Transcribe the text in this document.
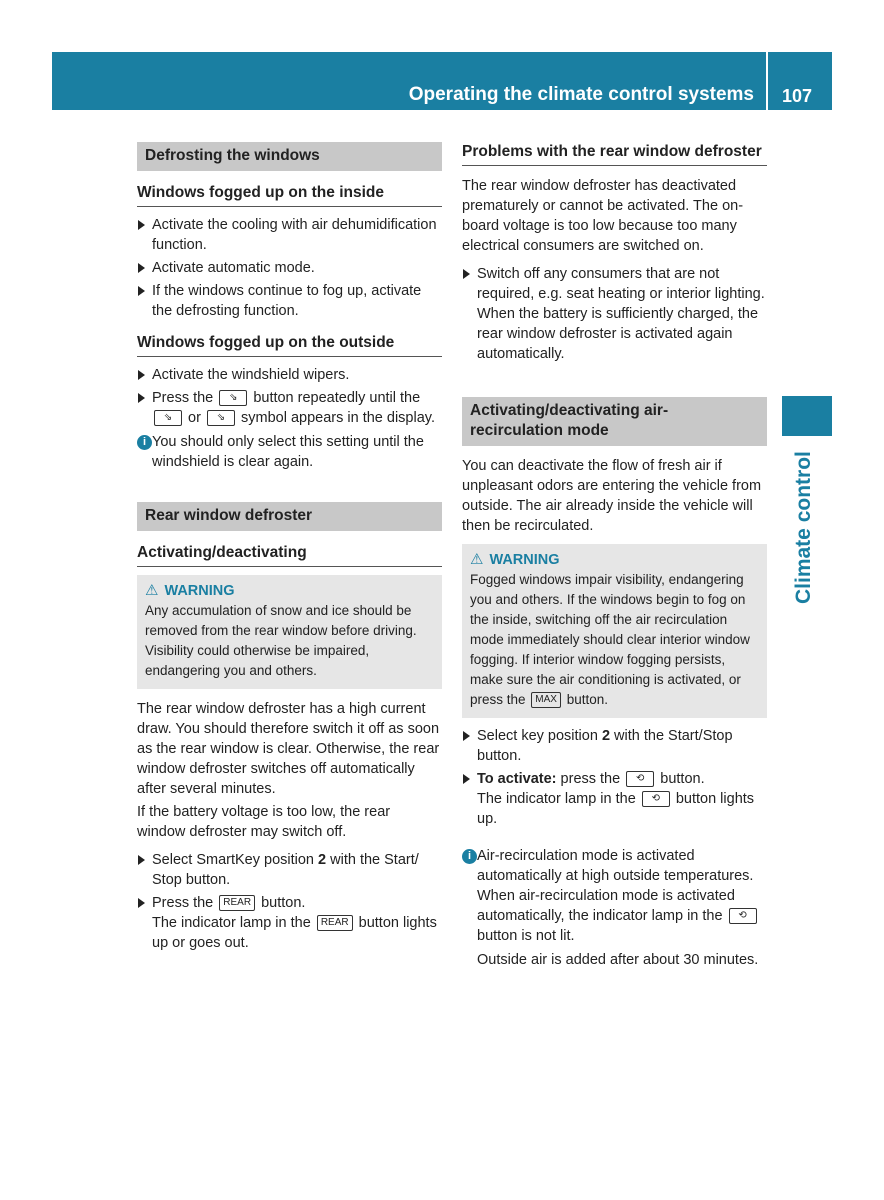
Operating the climate control systems 107
Climate control
Defrosting the windows
Windows fogged up on the inside
Activate the cooling with air dehumidification function.
Activate automatic mode.
If the windows continue to fog up, activate the defrosting function.
Windows fogged up on the outside
Activate the windshield wipers.
Press the ⇘ button repeatedly until the ⇘ or ⇘ symbol appears in the display.
i You should only select this setting until the windshield is clear again.

Rear window defroster
Activating/deactivating
⚠ WARNING

Any accumulation of snow and ice should be removed from the rear window before driving. Visibility could otherwise be impaired, endangering you and others.

The rear window defroster has a high current draw. You should therefore switch it off as soon as the rear window is clear. Otherwise, the rear window defroster switches off automatically after several minutes.

If the battery voltage is too low, the rear window defroster may switch off.

Select SmartKey position 2 with the Start/ Stop button.
Press the REAR button.
The indicator lamp in the REAR button lights up or goes out.
Problems with the rear window defroster

The rear window defroster has deactivated prematurely or cannot be activated. The on-board voltage is too low because too many electrical consumers are switched on.

Switch off any consumers that are not required, e.g. seat heating or interior lighting.
When the battery is sufficiently charged, the rear window defroster is activated again automatically.
Activating/deactivating air-recirculation mode

You can deactivate the flow of fresh air if unpleasant odors are entering the vehicle from outside. The air already inside the vehicle will then be recirculated.

⚠ WARNING

Fogged windows impair visibility, endangering you and others. If the windows begin to fog on the inside, switching off the air recirculation mode immediately should clear interior window fogging. If interior window fogging persists, make sure the air conditioning is activated, or press the MAX button.

Select key position 2 with the Start/Stop button.
To activate: press the ⟲ button.
The indicator lamp in the ⟲ button lights up.
i Air-recirculation mode is activated automatically at high outside temperatures. When air-recirculation mode is activated automatically, the indicator lamp in the ⟲ button is not lit.

Outside air is added after about 30 minutes.
